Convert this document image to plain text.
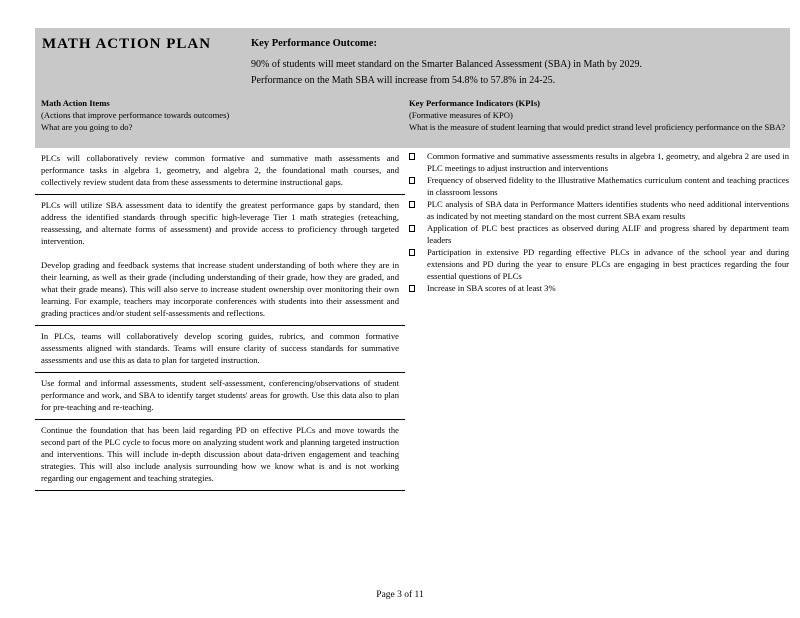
MATH ACTION PLAN	Key Performance Outcome:
90% of students will meet standard on the Smarter Balanced Assessment (SBA) in Math by 2029.
Performance on the Math SBA will increase from 54.8% to 57.8% in 24-25.
Math Action Items
(Actions that improve performance towards outcomes)
What are you going to do?
Key Performance Indicators (KPIs)
(Formative measures of KPO)
What is the measure of student learning that would predict strand level proficiency performance on the SBA?

PLCs will collaboratively review common formative and summative math assessments and performance tasks in algebra 1, geometry, and algebra 2, the foundational math courses, and collectively review student data from these assessments to determine instructional gaps.

PLCs will utilize SBA assessment data to identify the greatest performance gaps by standard, then address the identified standards through specific high-leverage Tier 1 math strategies (reteaching, reassessing, and alternate forms of assessment) and provide access to proficiency through targeted intervention.

Develop grading and feedback systems that increase student understanding of both where they are in their learning, as well as their grade (including understanding of their grade, how they are graded, and what their grade means). This will also serve to increase student ownership over monitoring their own learning. For example, teachers may incorporate conferences with students into their assessment and grading practices and/or student self-assessments and reflections.

In PLCs, teams will collaboratively develop scoring guides, rubrics, and common formative assessments aligned with standards. Teams will ensure clarity of success standards for summative assessments and use this as data to plan for targeted instruction.

Use formal and informal assessments, student self-assessment, conferencing/observations of student performance and work, and SBA to identify target students' areas for growth. Use this data also to plan for pre-teaching and re-teaching.

Continue the foundation that has been laid regarding PD on effective PLCs and move towards the second part of the PLC cycle to focus more on analyzing student work and planning targeted instruction and interventions. This will include in-depth discussion about data-driven engagement and teaching strategies. This will also include analysis surrounding how we know what is and is not working regarding our engagement and teaching strategies.

Common formative and summative assessments results in algebra 1, geometry, and algebra 2 are used in PLC meetings to adjust instruction and interventions
Frequency of observed fidelity to the Illustrative Mathematics curriculum content and teaching practices in classroom lessons
PLC analysis of SBA data in Performance Matters identifies students who need additional interventions as indicated by not meeting standard on the most current SBA exam results
Application of PLC best practices as observed during ALIF and progress shared by department team leaders
Participation in extensive PD regarding effective PLCs in advance of the school year and during extensions and PD during the year to ensure PLCs are engaging in best practices regarding the four essential questions of PLCs
Increase in SBA scores of at least 3%
Page 3 of 11
